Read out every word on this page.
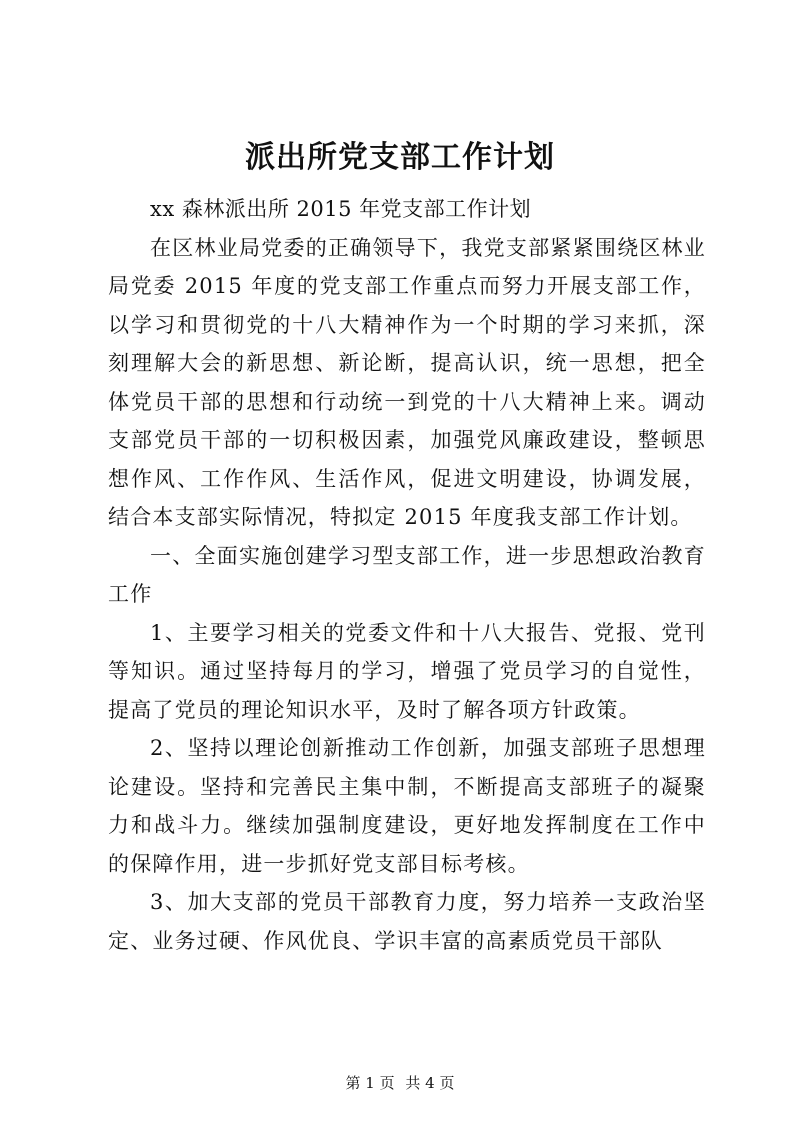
派出所党支部工作计划

xx 森林派出所 2015 年党支部工作计划

在区林业局党委的正确领导下，我党支部紧紧围绕区林业局党委 2015 年度的党支部工作重点而努力开展支部工作，以学习和贯彻党的十八大精神作为一个时期的学习来抓，深刻理解大会的新思想、新论断，提高认识，统一思想，把全体党员干部的思想和行动统一到党的十八大精神上来。调动支部党员干部的一切积极因素，加强党风廉政建设，整顿思想作风、工作作风、生活作风，促进文明建设，协调发展，结合本支部实际情况，特拟定 2015 年度我支部工作计划。

一、全面实施创建学习型支部工作，进一步思想政治教育工作

1、主要学习相关的党委文件和十八大报告、党报、党刊等知识。通过坚持每月的学习，增强了党员学习的自觉性，提高了党员的理论知识水平，及时了解各项方针政策。

2、坚持以理论创新推动工作创新，加强支部班子思想理论建设。坚持和完善民主集中制，不断提高支部班子的凝聚力和战斗力。继续加强制度建设，更好地发挥制度在工作中的保障作用，进一步抓好党支部目标考核。

3、加大支部的党员干部教育力度，努力培养一支政治坚定、业务过硬、作风优良、学识丰富的高素质党员干部队

第 1 页 共 4 页
